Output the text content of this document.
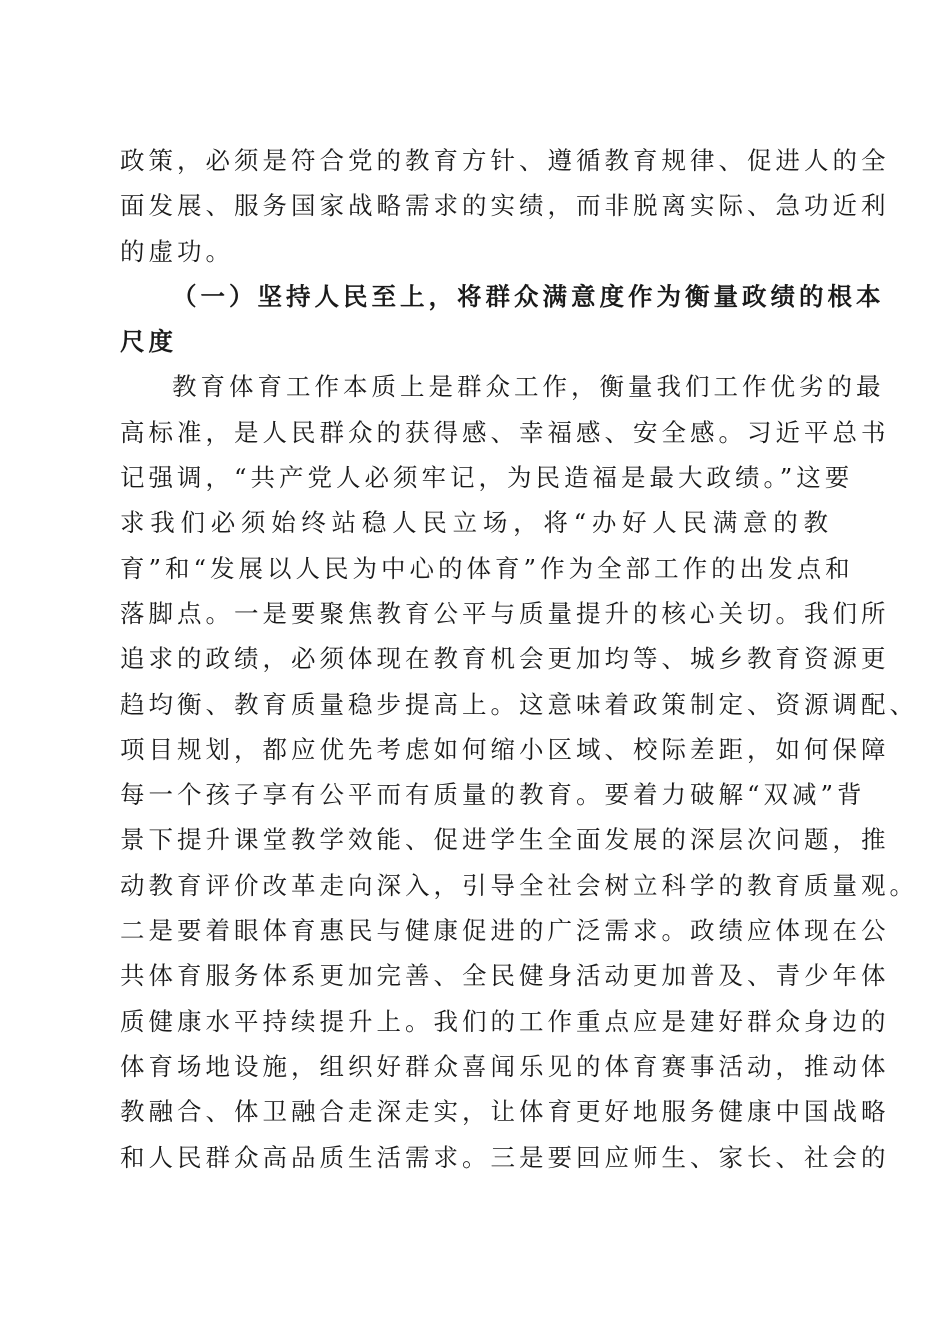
政策，必须是符合党的教育方针、遵循教育规律、促进人的全
面发展、服务国家战略需求的实绩，而非脱离实际、急功近利
的虚功。
（一）坚持人民至上，将群众满意度作为衡量政绩的根本
尺度
教育体育工作本质上是群众工作，衡量我们工作优劣的最
高标准，是人民群众的获得感、幸福感、安全感。习近平总书
记强调，“共产党人必须牢记，为民造福是最大政绩。”这要
求我们必须始终站稳人民立场，将“办好人民满意的教
育”和“发展以人民为中心的体育”作为全部工作的出发点和
落脚点。一是要聚焦教育公平与质量提升的核心关切。我们所
追求的政绩，必须体现在教育机会更加均等、城乡教育资源更
趋均衡、教育质量稳步提高上。这意味着政策制定、资源调配、
项目规划，都应优先考虑如何缩小区域、校际差距，如何保障
每一个孩子享有公平而有质量的教育。要着力破解“双减”背
景下提升课堂教学效能、促进学生全面发展的深层次问题，推
动教育评价改革走向深入，引导全社会树立科学的教育质量观。
二是要着眼体育惠民与健康促进的广泛需求。政绩应体现在公
共体育服务体系更加完善、全民健身活动更加普及、青少年体
质健康水平持续提升上。我们的工作重点应是建好群众身边的
体育场地设施，组织好群众喜闻乐见的体育赛事活动，推动体
教融合、体卫融合走深走实，让体育更好地服务健康中国战略
和人民群众高品质生活需求。三是要回应师生、家长、社会的
